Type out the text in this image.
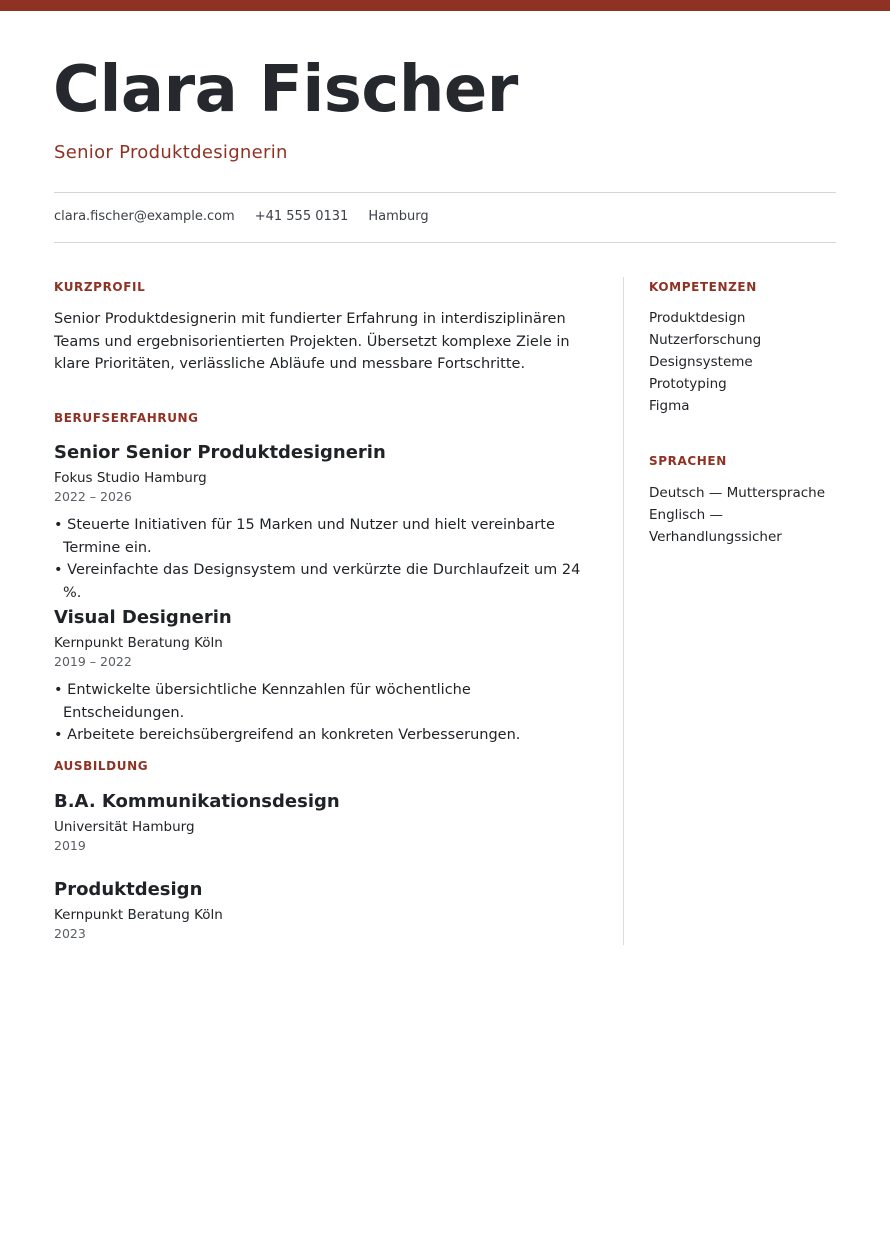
Clara Fischer
Senior Produktdesignerin
clara.fischer@example.com +41 555 0131 Hamburg
KURZPROFIL

Senior Produktdesignerin mit fundierter Erfahrung in interdisziplinären Teams und ergebnisorientierten Projekten. Übersetzt komplexe Ziele in klare Prioritäten, verlässliche Abläufe und messbare Fortschritte.

BERUFSERFAHRUNG
Senior Senior Produktdesignerin
Fokus Studio Hamburg
2022 – 2026
• Steuerte Initiativen für 15 Marken und Nutzer und hielt vereinbarte Termine ein.
• Vereinfachte das Designsystem und verkürzte die Durchlaufzeit um 24 %.
Visual Designerin
Kernpunkt Beratung Köln
2019 – 2022
• Entwickelte übersichtliche Kennzahlen für wöchentliche Entscheidungen.
• Arbeitete bereichsübergreifend an konkreten Verbesserungen.
AUSBILDUNG
B.A. Kommunikationsdesign
Universität Hamburg
2019
Produktdesign
Kernpunkt Beratung Köln
2023
KOMPETENZEN
Produktdesign
Nutzerforschung
Designsysteme
Prototyping
Figma
SPRACHEN
Deutsch — Muttersprache
Englisch —
Verhandlungssicher
